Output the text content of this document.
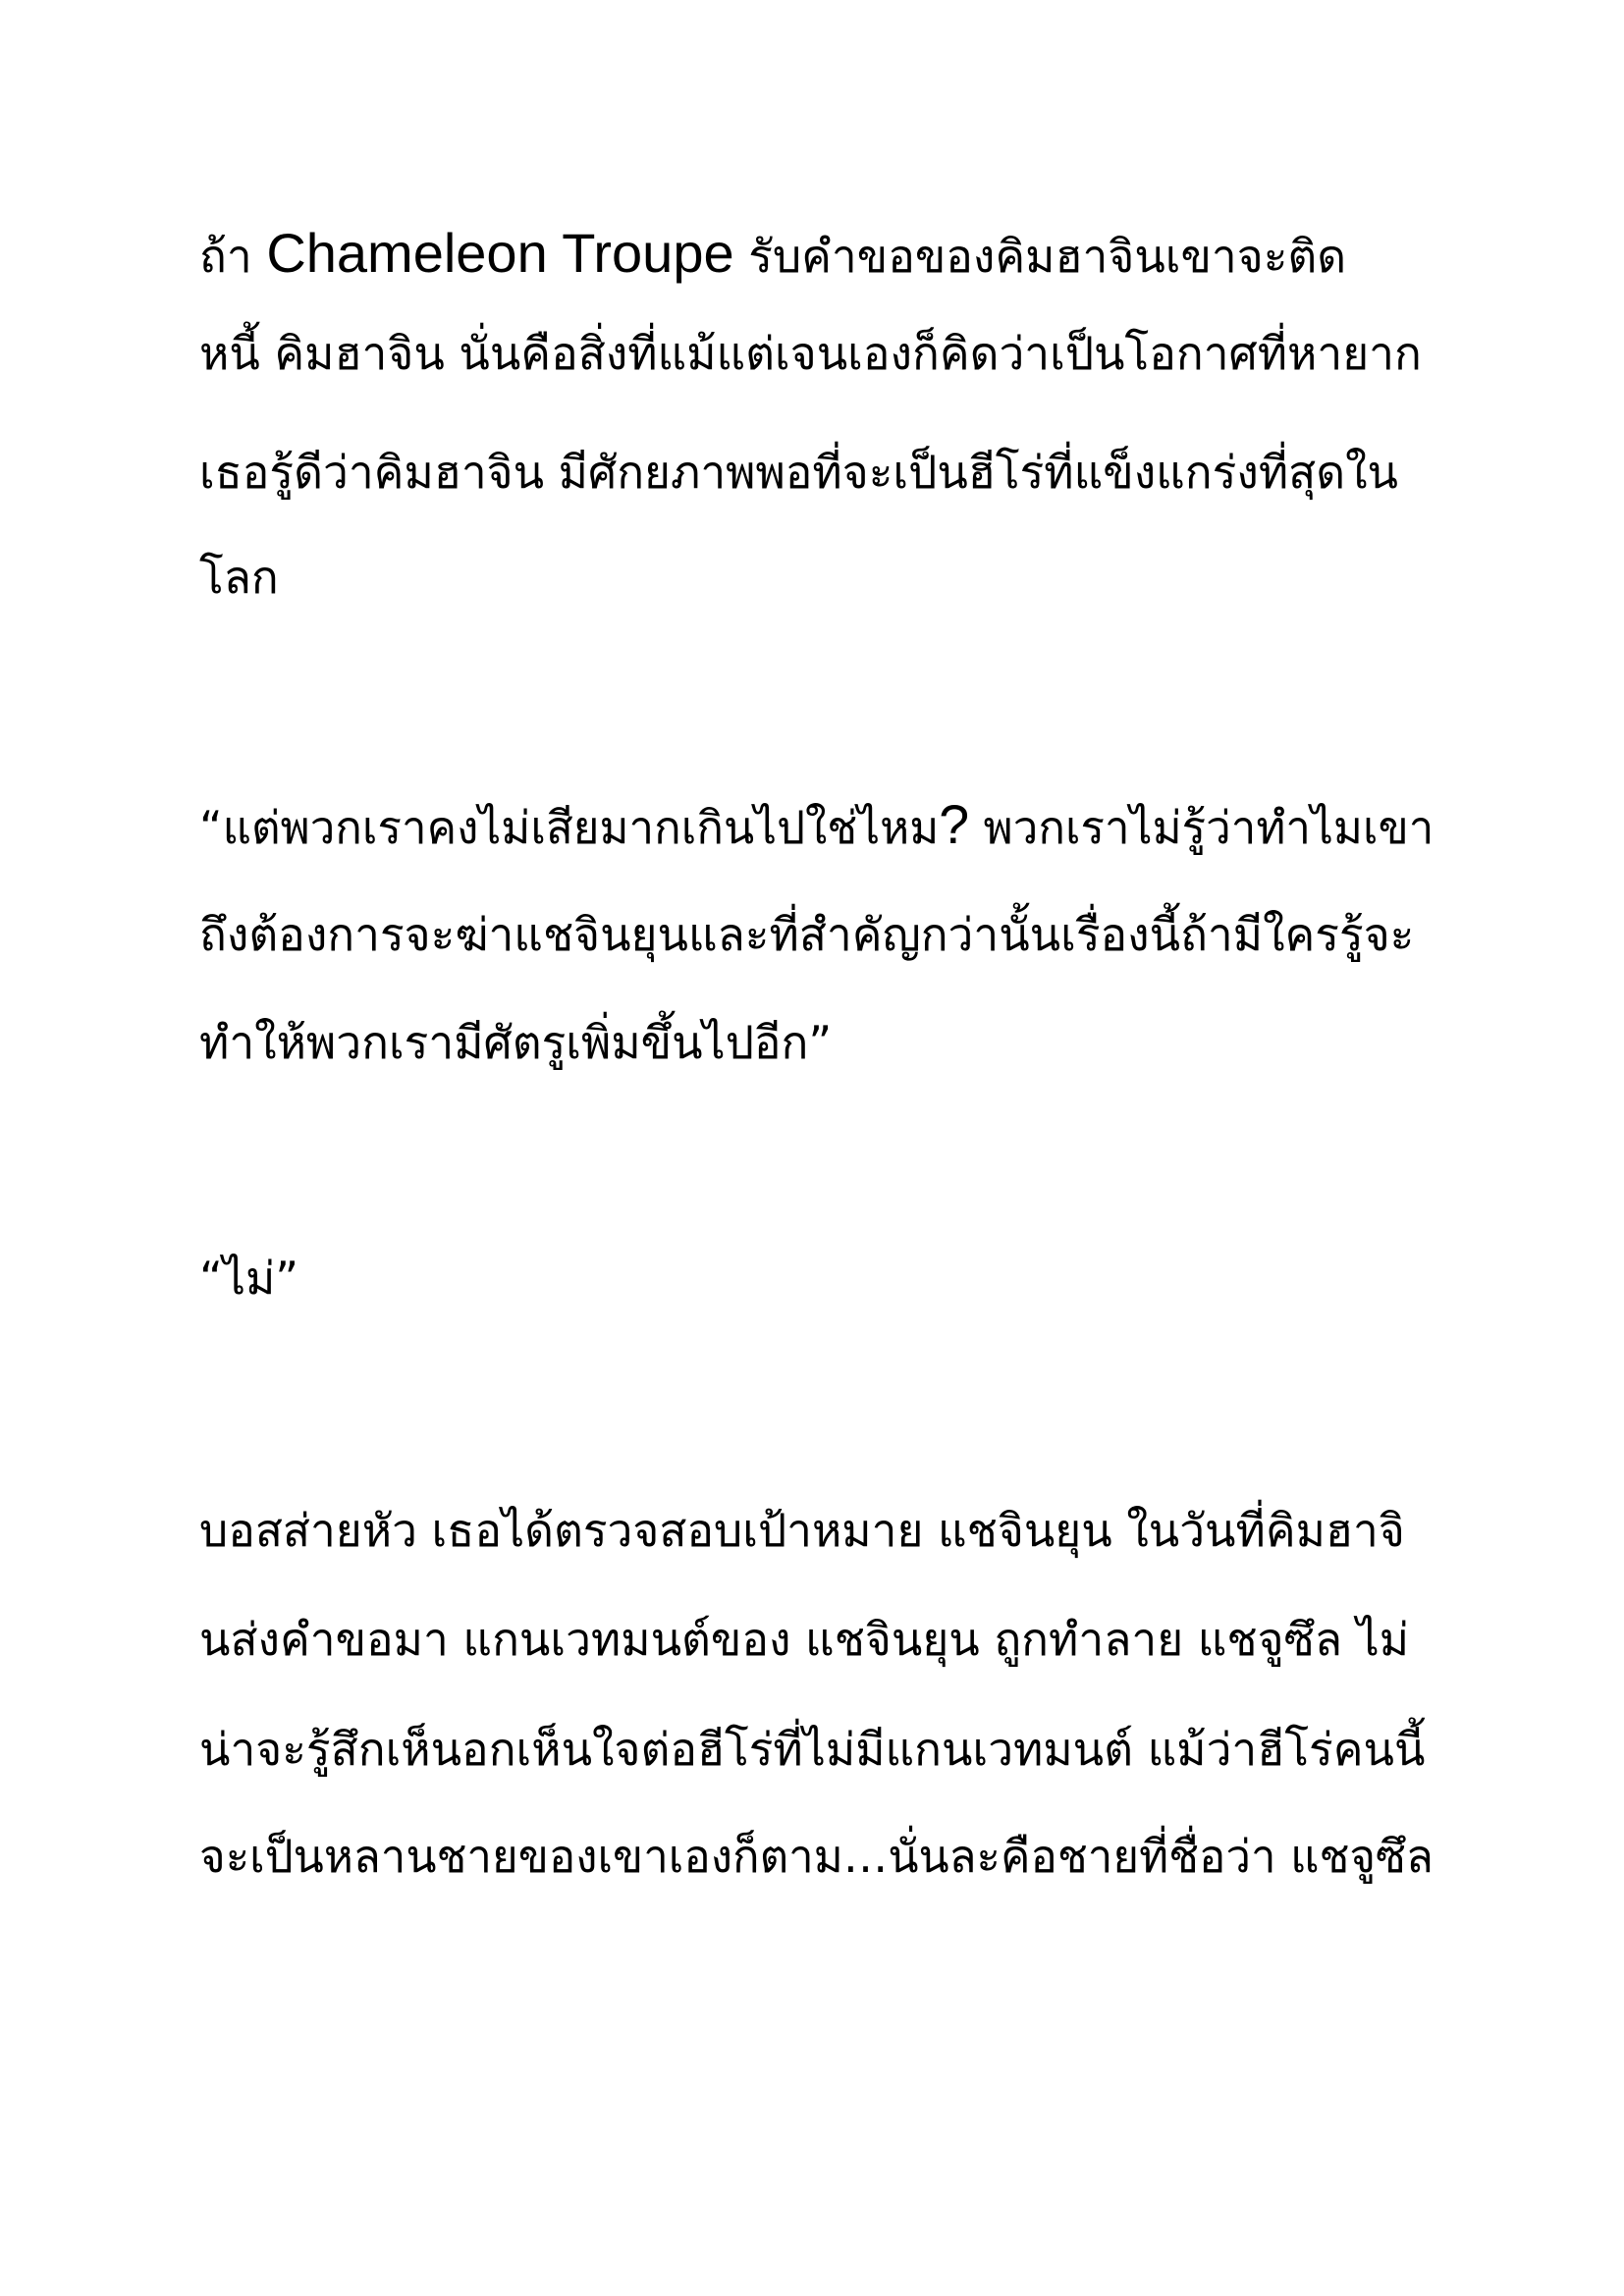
ถ้า Chameleon Troupe รับคำขอของคิมฮาจินเขาจะติด
หนี้ คิมฮาจิน นั่นคือสิ่งที่แม้แต่เจนเองก็คิดว่าเป็นโอกาศที่หายาก
เธอรู้ดีว่าคิมฮาจิน มีศักยภาพพอที่จะเป็นฮีโร่ที่แข็งแกร่งที่สุดใน
โลก
“แต่พวกเราคงไม่เสียมากเกินไปใช่ไหม? พวกเราไม่รู้ว่าทำไมเขา
ถึงต้องการจะฆ่าแชจินยุนและที่สำคัญกว่านั้นเรื่องนี้ถ้ามีใครรู้จะ
ทำให้พวกเรามีศัตรูเพิ่มขึ้นไปอีก”
“ไม่”
บอสส่ายหัว เธอได้ตรวจสอบเป้าหมาย แชจินยุน ในวันที่คิมฮาจิ
นส่งคำขอมา แกนเวทมนต์ของ แชจินยุน ถูกทำลาย แชจูซึล ไม่
น่าจะรู้สึกเห็นอกเห็นใจต่อฮีโร่ที่ไม่มีแกนเวทมนต์ แม้ว่าฮีโร่คนนี้
จะเป็นหลานชายของเขาเองก็ตาม…นั่นละคือชายที่ชื่อว่า แชจูซึล
